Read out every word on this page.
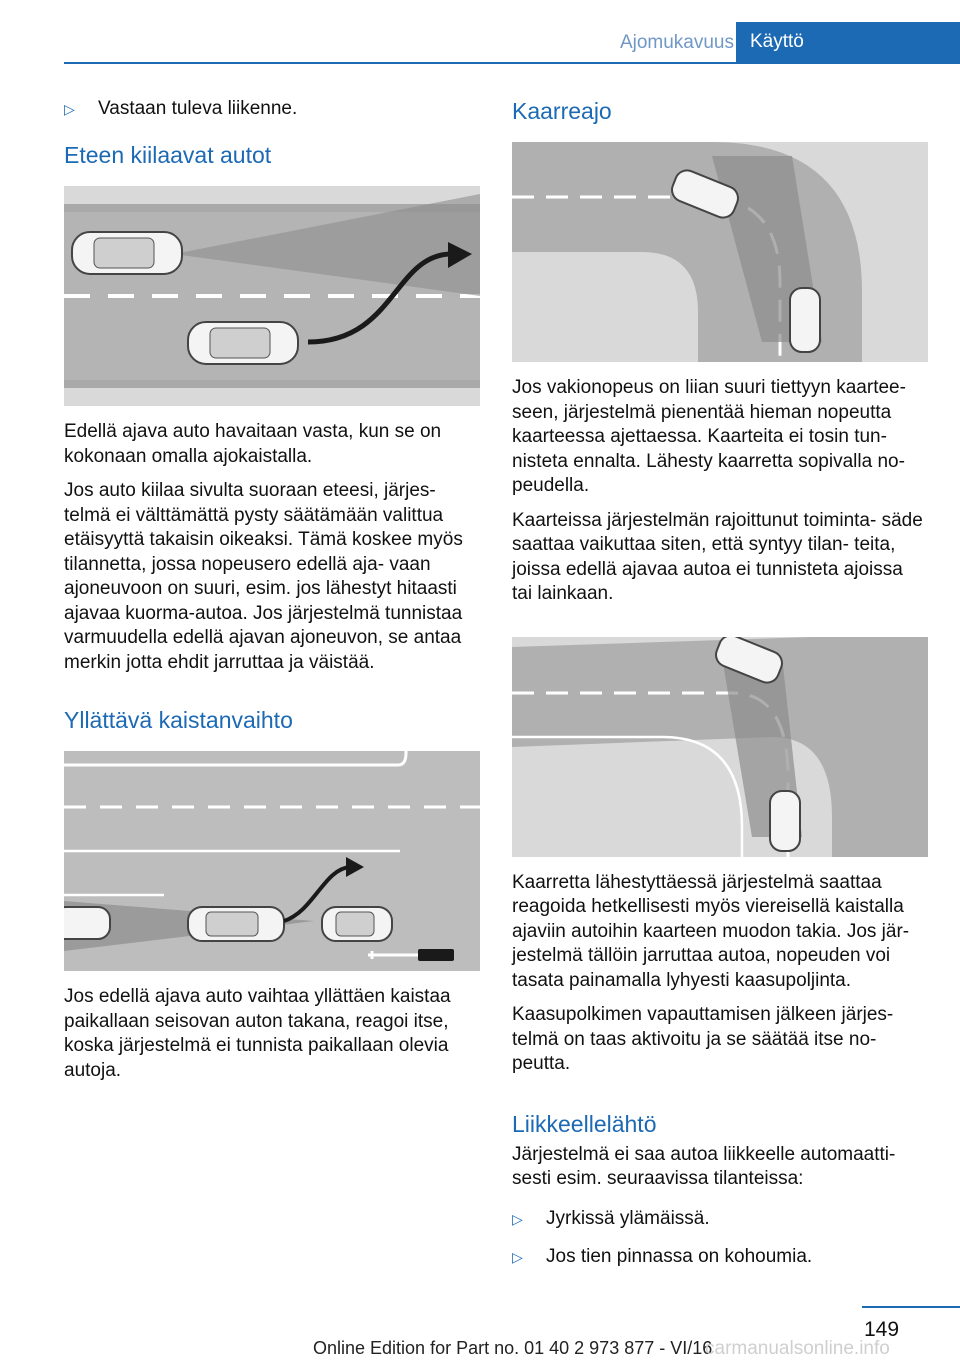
Ajomukavuus Käyttö
▷	Vastaan tuleva liikenne.
Eteen kiilaavat autot

Edellä ajava auto havaitaan vasta, kun se on kokonaan omalla ajokaistalla.

Jos auto kiilaa sivulta suoraan eteesi, järjes‐ telmä ei välttämättä pysty säätämään valittua etäisyyttä takaisin oikeaksi. Tämä koskee myös tilannetta, jossa nopeusero edellä aja‐ vaan ajoneuvoon on suuri, esim. jos lähestyt hitaasti ajavaa kuorma-autoa. Jos järjestelmä tunnistaa varmuudella edellä ajavan ajoneuvon, se antaa merkin jotta ehdit jarruttaa ja väistää.

Yllättävä kaistanvaihto

Jos edellä ajava auto vaihtaa yllättäen kaistaa paikallaan seisovan auton takana, reagoi itse, koska järjestelmä ei tunnista paikallaan olevia autoja.

Kaarreajo

Jos vakionopeus on liian suuri tiettyyn kaartee‐ seen, järjestelmä pienentää hieman nopeutta kaarteessa ajettaessa. Kaarteita ei tosin tun‐ nisteta ennalta. Lähesty kaarretta sopivalla no‐ peudella.

Kaarteissa järjestelmän rajoittunut toiminta‐ säde saattaa vaikuttaa siten, että syntyy tilan‐ teita, joissa edellä ajavaa autoa ei tunnisteta ajoissa tai lainkaan.

Kaarretta lähestyttäessä järjestelmä saattaa reagoida hetkellisesti myös viereisellä kaistalla ajaviin autoihin kaarteen muodon takia. Jos jär‐ jestelmä tällöin jarruttaa autoa, nopeuden voi tasata painamalla lyhyesti kaasupoljinta.

Kaasupolkimen vapauttamisen jälkeen järjes‐ telmä on taas aktivoitu ja se säätää itse no‐ peutta.

Liikkeellelähtö

Järjestelmä ei saa autoa liikkeelle automaatti‐ sesti esim. seuraavissa tilanteissa:

▷	Jyrkissä ylämäissä.
▷	Jos tien pinnassa on kohoumia.
149
Online Edition for Part no. 01 40 2 973 877 - VI/16
carmanualsonline.info
